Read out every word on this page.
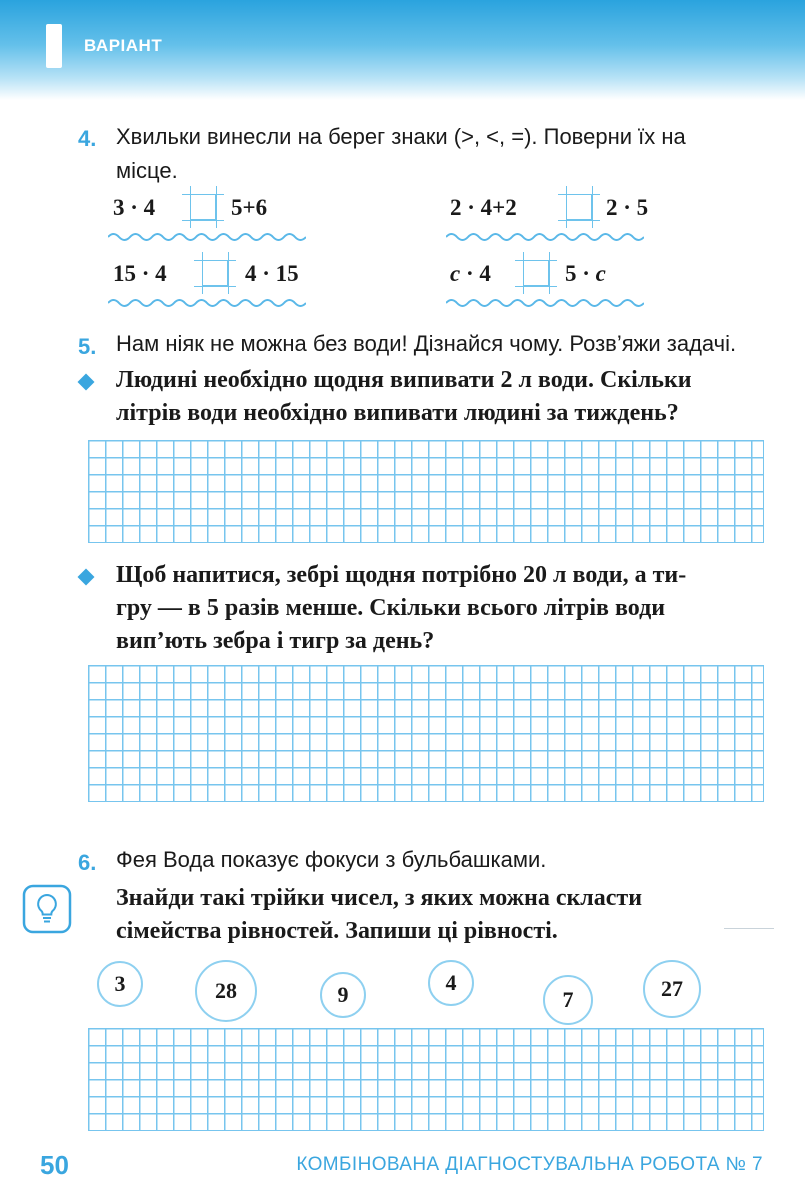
ВАРІАНТ
4. Хвильки винесли на берег знаки (>, <, =). Поверни їх на
місце.
3 · 4	5+6	2 · 4+2	2 · 5
15 · 4	4 · 15	c · 4	5 · c
5. Нам ніяк не можна без води! Дізнайся чому. Розв’яжи задачі.
Людині необхідно щодня випивати 2 л води. Скільки
літрів води необхідно випивати людині за тиждень?
Щоб напитися, зебрі щодня потрібно 20 л води, а ти-
гру — в 5 разів менше. Скільки всього літрів води
вип’ють зебра і тигр за день?
6. Фея Вода показує фокуси з бульбашками.
Знайди такі трійки чисел, з яких можна скласти
сімейства рівностей. Запиши ці рівності.
3	28	9	4
7	27
50	КОМБІНОВАНА ДІАГНОСТУВАЛЬНА РОБОТА № 7
